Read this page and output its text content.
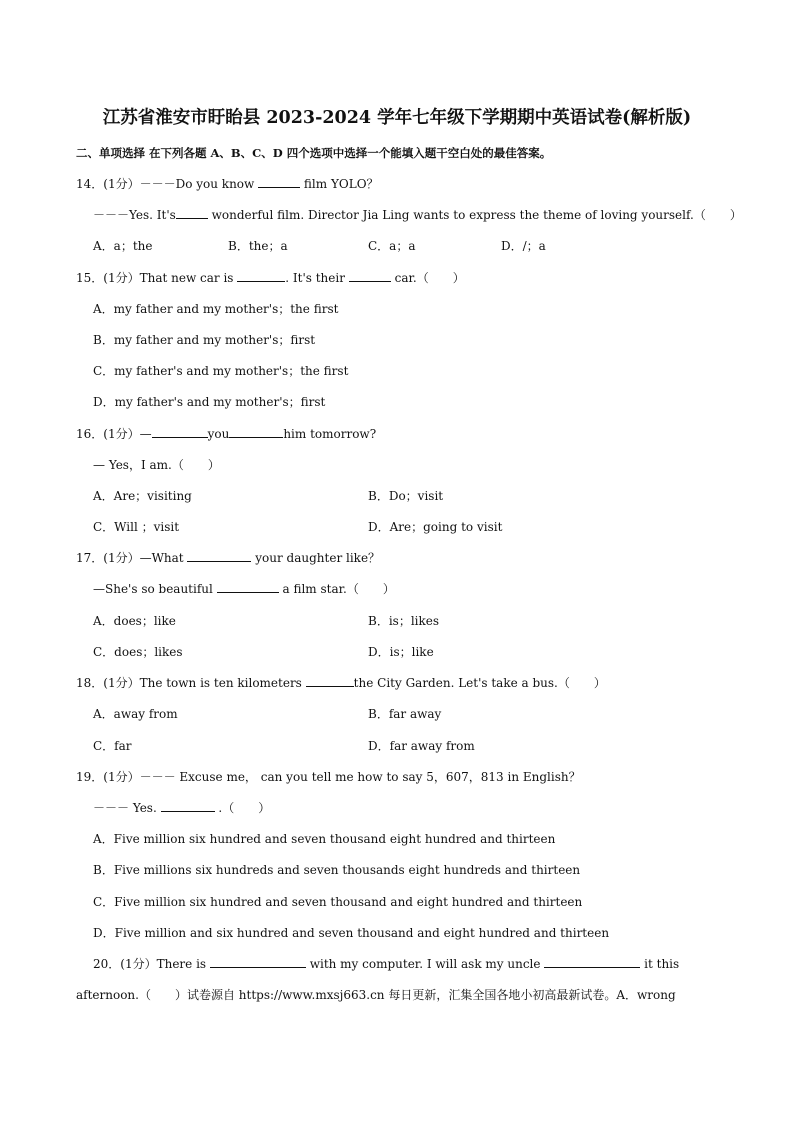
江苏省淮安市盱眙县 2023-2024 学年七年级下学期期中英语试卷(解析版)
二、单项选择 在下列各题 A、B、C、D 四个选项中选择一个能填入题干空白处的最佳答案。
14．(1分）－－－Do you know	film YOLO？
－－－Yes. It's	wonderful film. Director Jia Ling wants to express the theme of loving yourself.（　　）
A．a；the	B．the；a	C．a；a	D．/；a
15．(1分）That new car is	. It's their	car.（　　）
A．my father and my mother's；the first
B．my father and my mother's；first
C．my father's and my mother's；the first
D．my father's and my mother's；first
16．(1分）—	you	him tomorrow?
— Yes，I am.（　　）
A．Are；visiting	B．Do；visit
C．Will ；visit	D．Are；going to visit
17．(1分）—What	your daughter like？
—She's so beautiful	a film star.（　　）
A．does；like	B．is；likes
C．does；likes	D．is；like
18．(1分）The town is ten kilometers	the City Garden. Let's take a bus.（　　）
A．away from	B．far away
C．far	D．far away from
19．(1分）－－－ Excuse me， can you tell me how to say 5，607，813 in English？
－－－ Yes.	.（　　）
A．Five million six hundred and seven thousand eight hundred and thirteen
B．Five millions six hundreds and seven thousands eight hundreds and thirteen
C．Five million six hundred and seven thousand and eight hundred and thirteen
D．Five million and six hundred and seven thousand and eight hundred and thirteen
20．(1分）There is	with my computer. I will ask my uncle	it this
afternoon.（　　）试卷源自 https://www.mxsj663.cn 每日更新，汇集全国各地小初高最新试卷。A．wrong
